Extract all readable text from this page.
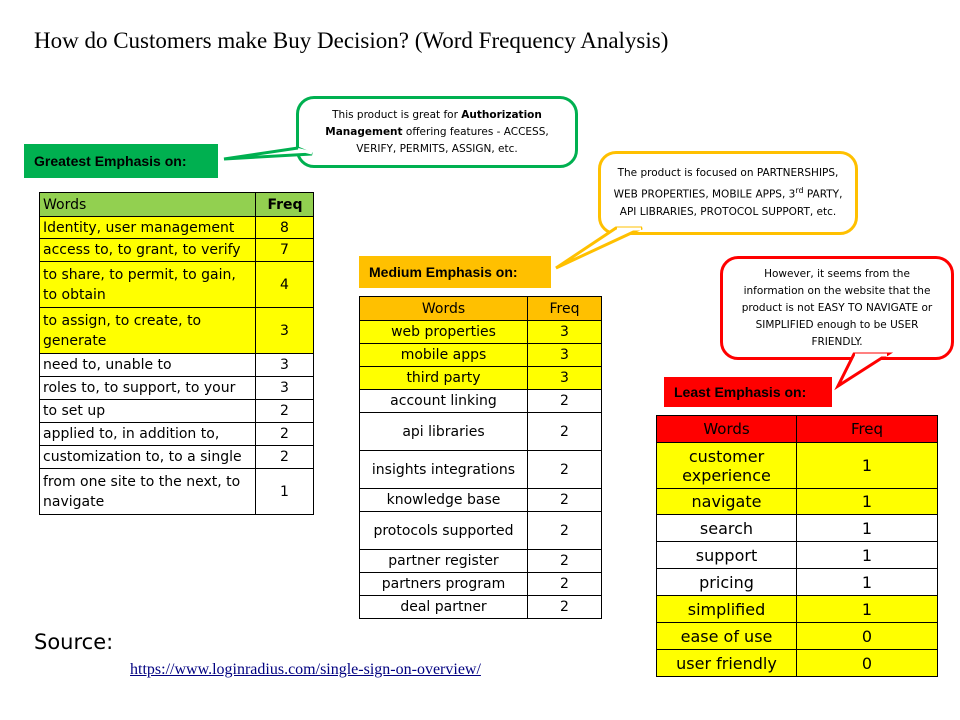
How do Customers make Buy Decision? (Word Frequency Analysis)
This product is great for Authorization Management offering features - ACCESS, VERIFY, PERMITS, ASSIGN, etc.
The product is focused on PARTNERSHIPS, WEB PROPERTIES, MOBILE APPS, 3rd PARTY, API LIBRARIES, PROTOCOL SUPPORT, etc.
However, it seems from the information on the website that the product is not EASY TO NAVIGATE or SIMPLIFIED enough to be USER FRIENDLY.
Greatest Emphasis on:
Medium Emphasis on:
Least Emphasis on:
Words	Freq
Identity, user management	8
access to, to grant, to verify	7
to share, to permit, to gain, to obtain	4
to assign, to create, to generate	3
need to, unable to	3
roles to, to support, to your	3
to set up	2
applied to, in addition to,	2
customization to, to a single	2
from one site to the next, to navigate	1
Words	Freq
web properties	3
mobile apps	3
third party	3
account linking	2
api libraries	2
insights integrations	2
knowledge base	2
protocols supported	2
partner register	2
partners program	2
deal partner	2
Words	Freq
customer experience	1
navigate	1
search	1
support	1
pricing	1
simplified	1
ease of use	0
user friendly	0
Source:
https://www.loginradius.com/single-sign-on-overview/
